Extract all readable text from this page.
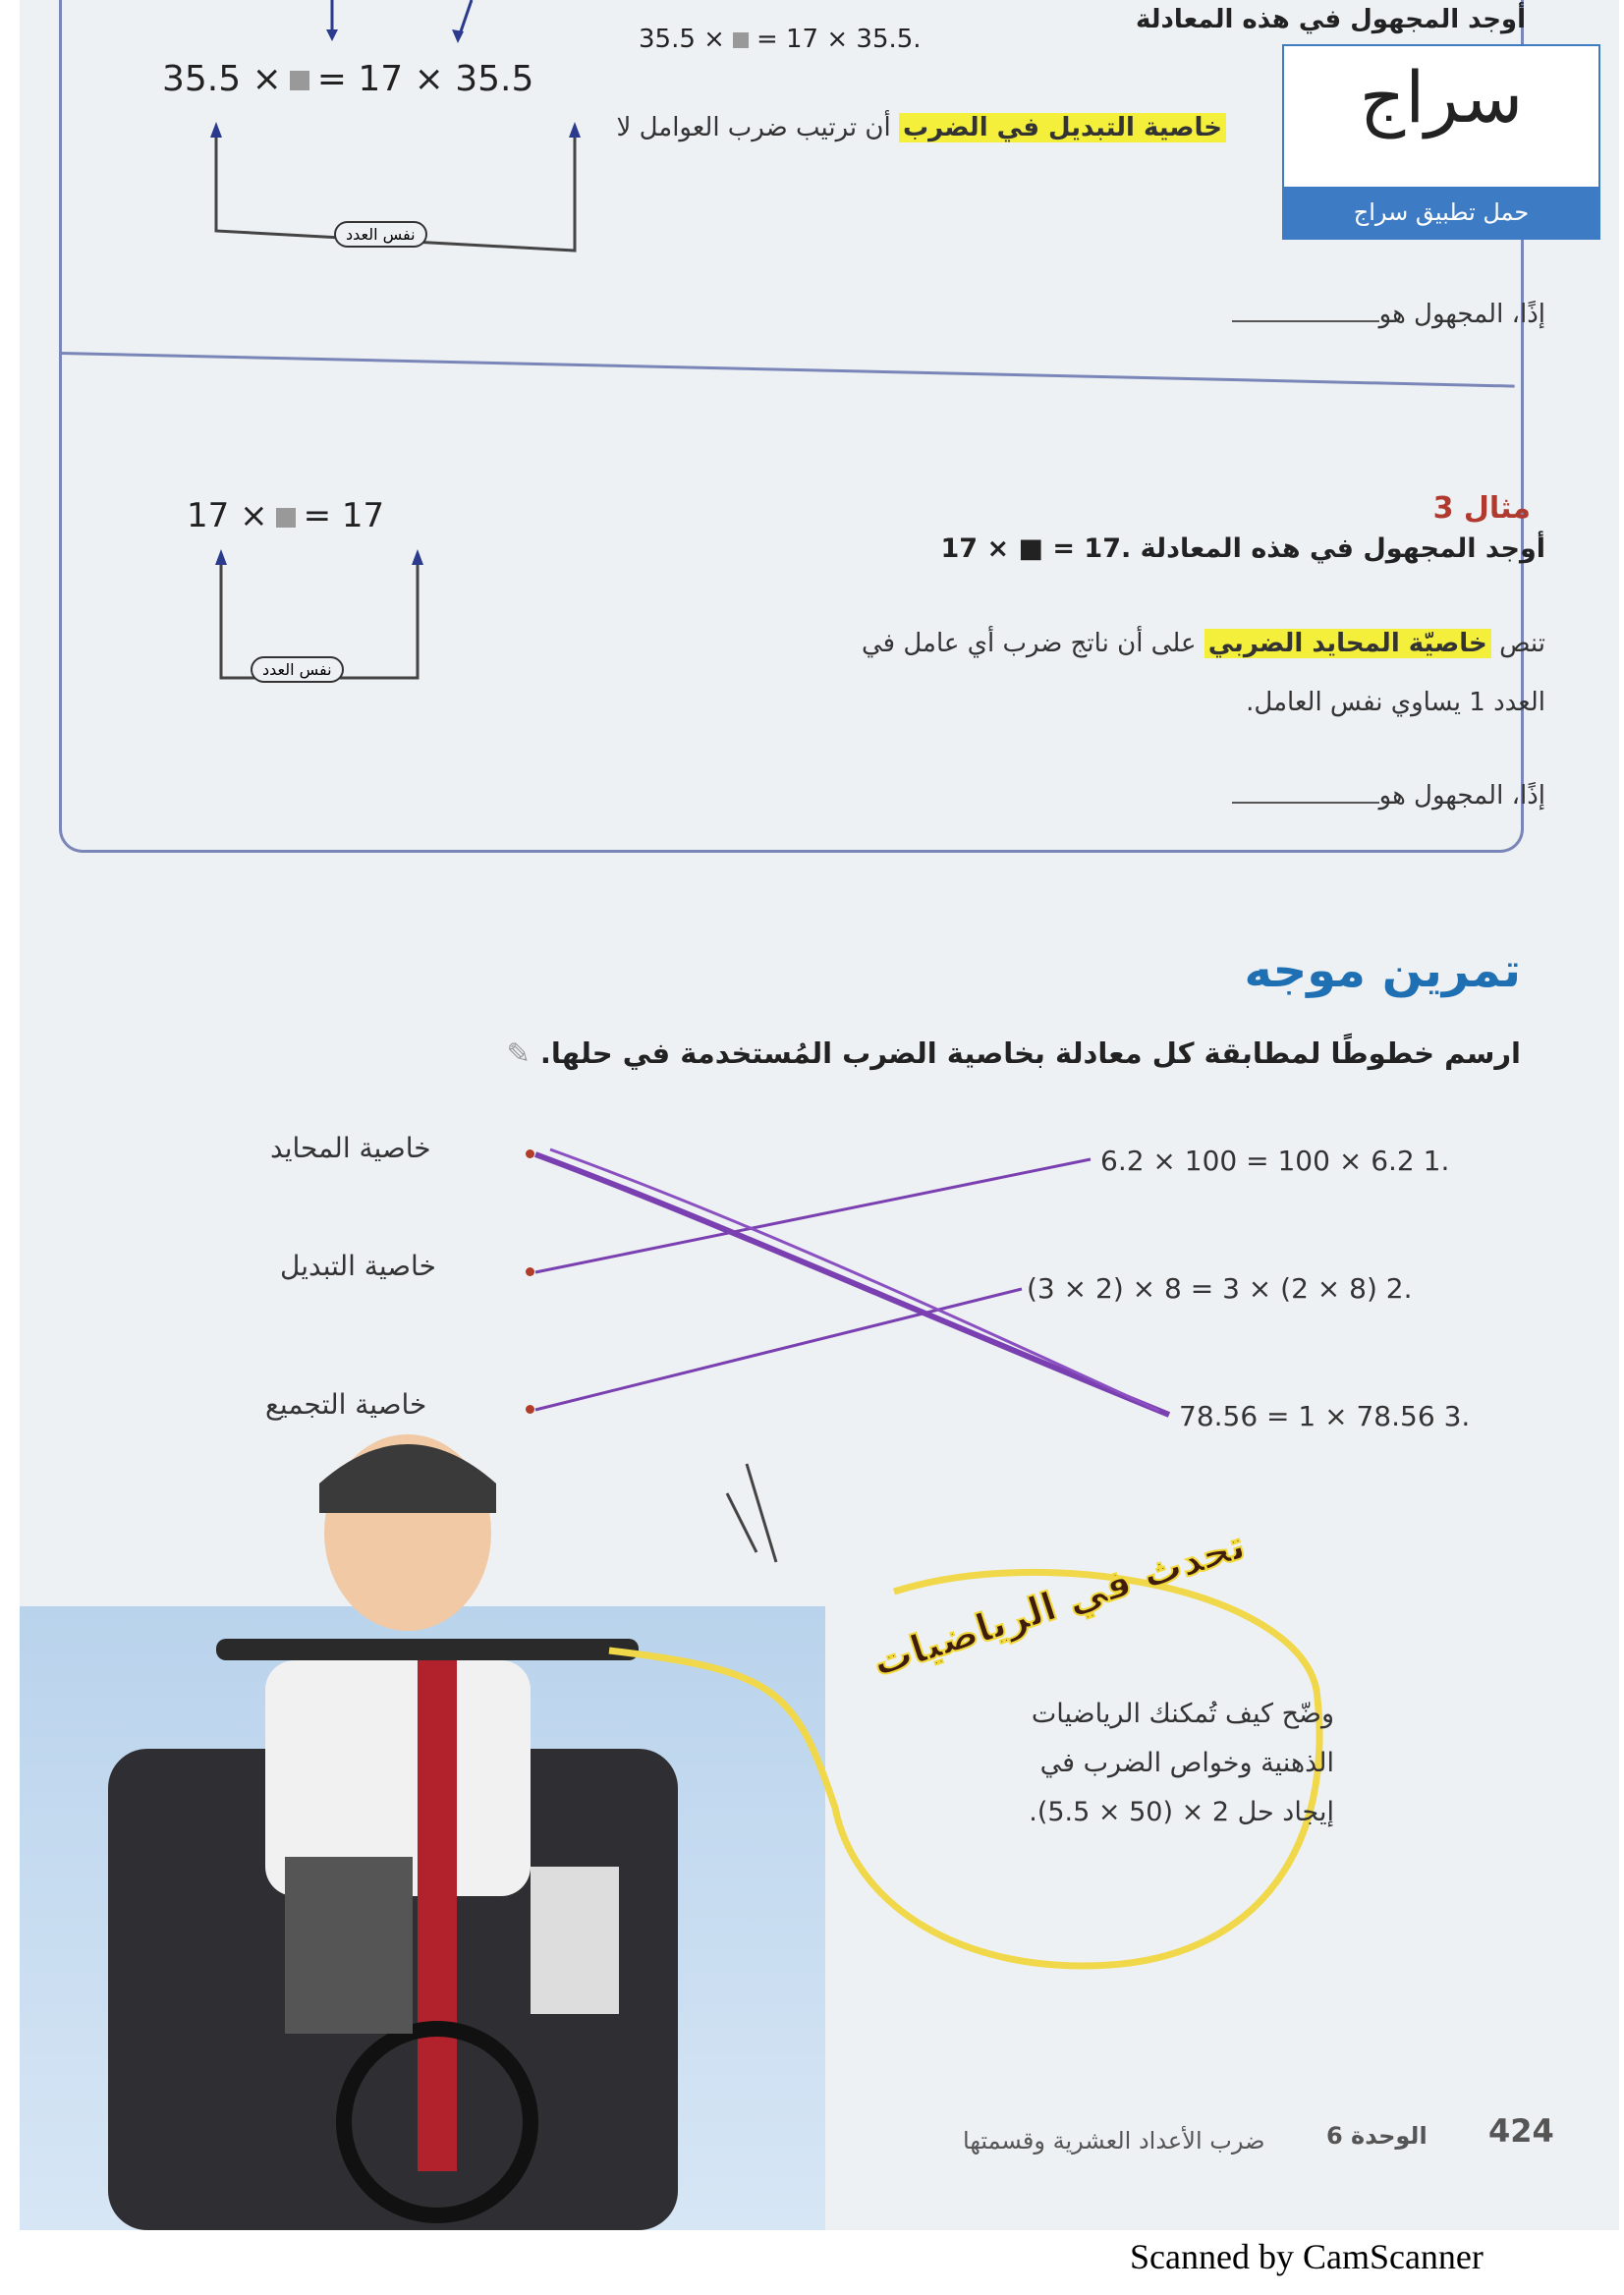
35.5 × = 17 × 35.5
نفس العدد
أوجد المجهول في هذه المعادلة
35.5 × = 17 × 35.5.
خاصية التبديل في الضرب أن ترتيب ضرب العوامل لا
إذًا، المجهول هو
مثال 3
أوجد المجهول في هذه المعادلة 17 × ■ = 17.
تنص خاصيّة المحايد الضربي على أن ناتج ضرب أي عامل في
العدد 1 يساوي نفس العامل.
إذًا، المجهول هو
17 × = 17
نفس العدد
تمرين موجه
ارسم خطوطًا لمطابقة كل معادلة بخاصية الضرب المُستخدمة في حلها. ✎
6.2 × 100 = 100 × 6.2 1.
(3 × 2) × 8 = 3 × (2 × 8) 2.
78.56 = 1 × 78.56 3.
خاصية المحايد
خاصية التبديل
خاصية التجميع
تحدث في الرياضيات
وضّح كيف تُمكنك الرياضيات
الذهنية وخواص الضرب في
إيجاد حل 2 × (50 × 5.5).
424
الوحدة 6
ضرب الأعداد العشرية وقسمتها
سراج
حمل تطبيق سراج
Scanned by CamScanner
